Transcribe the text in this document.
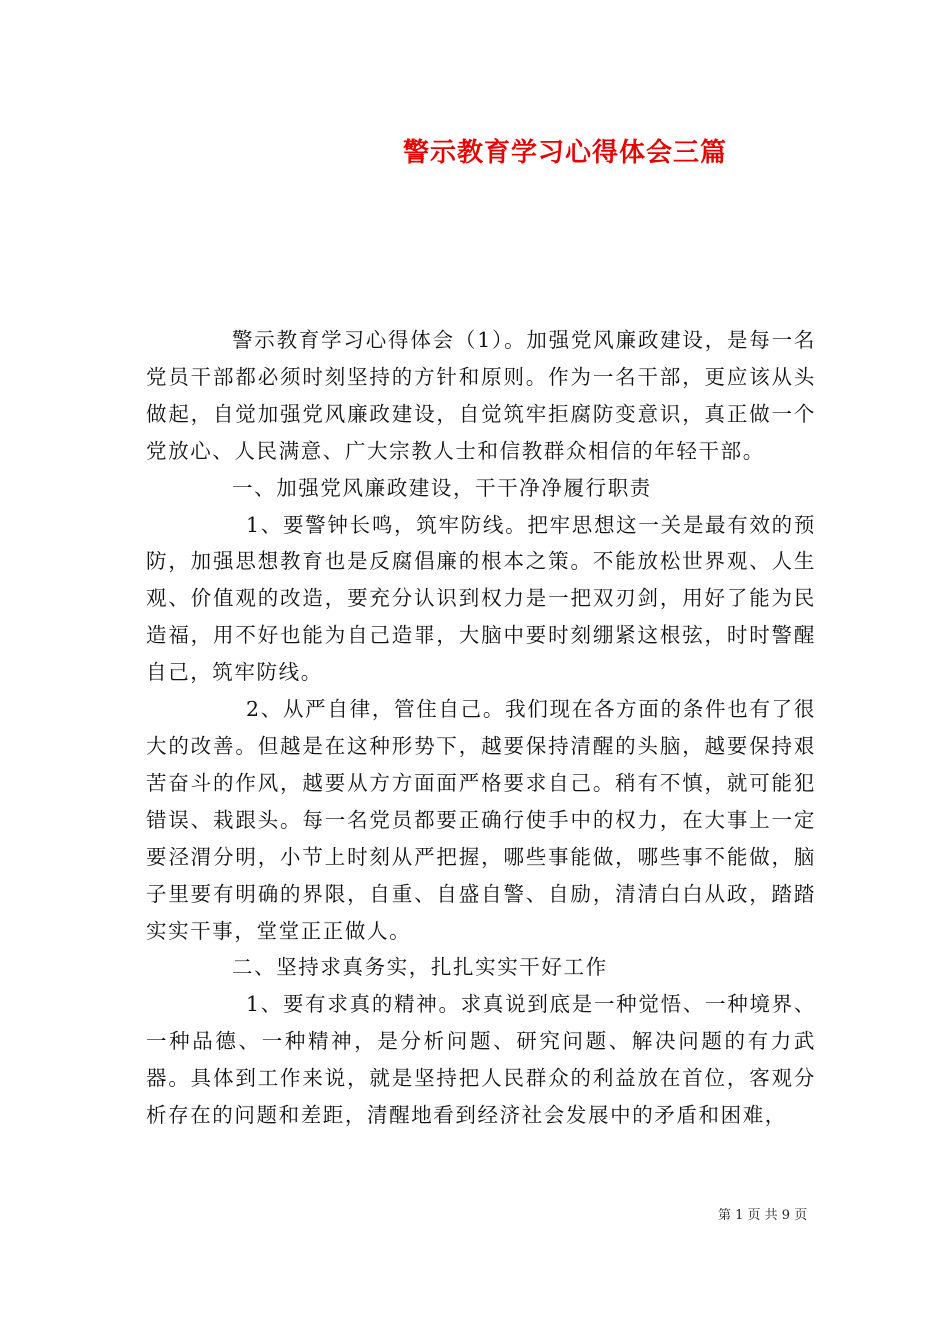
警示教育学习心得体会三篇

警示教育学习心得体会（1）。加强党风廉政建设，是每一名党员干部都必须时刻坚持的方针和原则。作为一名干部，更应该从头做起，自觉加强党风廉政建设，自觉筑牢拒腐防变意识，真正做一个党放心、人民满意、广大宗教人士和信教群众相信的年轻干部。

一、加强党风廉政建设，干干净净履行职责

1、要警钟长鸣，筑牢防线。把牢思想这一关是最有效的预防，加强思想教育也是反腐倡廉的根本之策。不能放松世界观、人生观、价值观的改造，要充分认识到权力是一把双刃剑，用好了能为民造福，用不好也能为自己造罪，大脑中要时刻绷紧这根弦，时时警醒自己，筑牢防线。

2、从严自律，管住自己。我们现在各方面的条件也有了很大的改善。但越是在这种形势下，越要保持清醒的头脑，越要保持艰苦奋斗的作风，越要从方方面面严格要求自己。稍有不慎，就可能犯错误、栽跟头。每一名党员都要正确行使手中的权力，在大事上一定要泾渭分明，小节上时刻从严把握，哪些事能做，哪些事不能做，脑子里要有明确的界限，自重、自盛自警、自励，清清白白从政，踏踏实实干事，堂堂正正做人。

二、坚持求真务实，扎扎实实干好工作

1、要有求真的精神。求真说到底是一种觉悟、一种境界、一种品德、一种精神，是分析问题、研究问题、解决问题的有力武器。具体到工作来说，就是坚持把人民群众的利益放在首位，客观分析存在的问题和差距，清醒地看到经济社会发展中的矛盾和困难，

第 1 页 共 9 页
